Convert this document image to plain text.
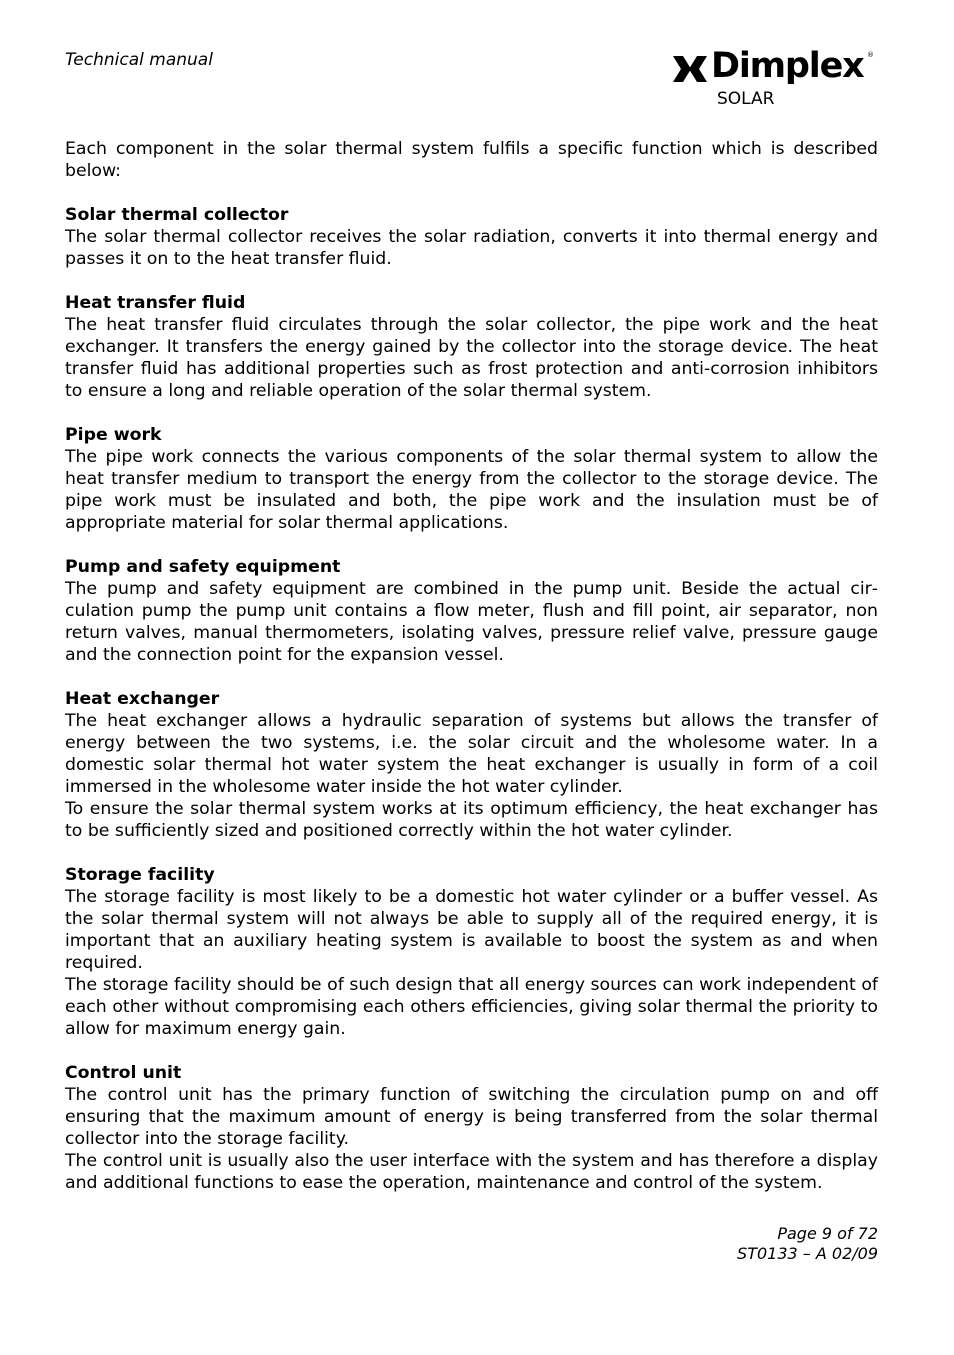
Technical manual	Dimplex ®
SOLAR

Each component in the solar thermal system fulfils a specific function which is described below:

Solar thermal collector

The solar thermal collector receives the solar radiation, converts it into thermal energy and passes it on to the heat transfer fluid.

Heat transfer fluid

The heat transfer fluid circulates through the solar collector, the pipe work and the heat exchanger. It transfers the energy gained by the collector into the storage device. The heat transfer fluid has additional properties such as frost protection and anti-corrosion inhibitors to ensure a long and reliable operation of the solar thermal system.

Pipe work

The pipe work connects the various components of the solar thermal system to allow the heat transfer medium to transport the energy from the collector to the storage device. The pipe work must be insulated and both, the pipe work and the insulation must be of appropriate material for solar thermal applications.

Pump and safety equipment

The pump and safety equipment are combined in the pump unit. Beside the actual circulation pump the pump unit contains a flow meter, flush and fill point, air separator, non return valves, manual thermometers, isolating valves, pressure relief valve, pressure gauge and the connection point for the expansion vessel.

Heat exchanger

The heat exchanger allows a hydraulic separation of systems but allows the transfer of energy between the two systems, i.e. the solar circuit and the wholesome water. In a domestic solar thermal hot water system the heat exchanger is usually in form of a coil immersed in the wholesome water inside the hot water cylinder.

To ensure the solar thermal system works at its optimum efficiency, the heat exchanger has to be sufficiently sized and positioned correctly within the hot water cylinder.

Storage facility

The storage facility is most likely to be a domestic hot water cylinder or a buffer vessel. As the solar thermal system will not always be able to supply all of the required energy, it is important that an auxiliary heating system is available to boost the system as and when required.

The storage facility should be of such design that all energy sources can work independent of each other without compromising each others efficiencies, giving solar thermal the priority to allow for maximum energy gain.

Control unit

The control unit has the primary function of switching the circulation pump on and off ensuring that the maximum amount of energy is being transferred from the solar thermal collector into the storage facility.

The control unit is usually also the user interface with the system and has therefore a display and additional functions to ease the operation, maintenance and control of the system.

Page 9 of 72
ST0133 – A 02/09
